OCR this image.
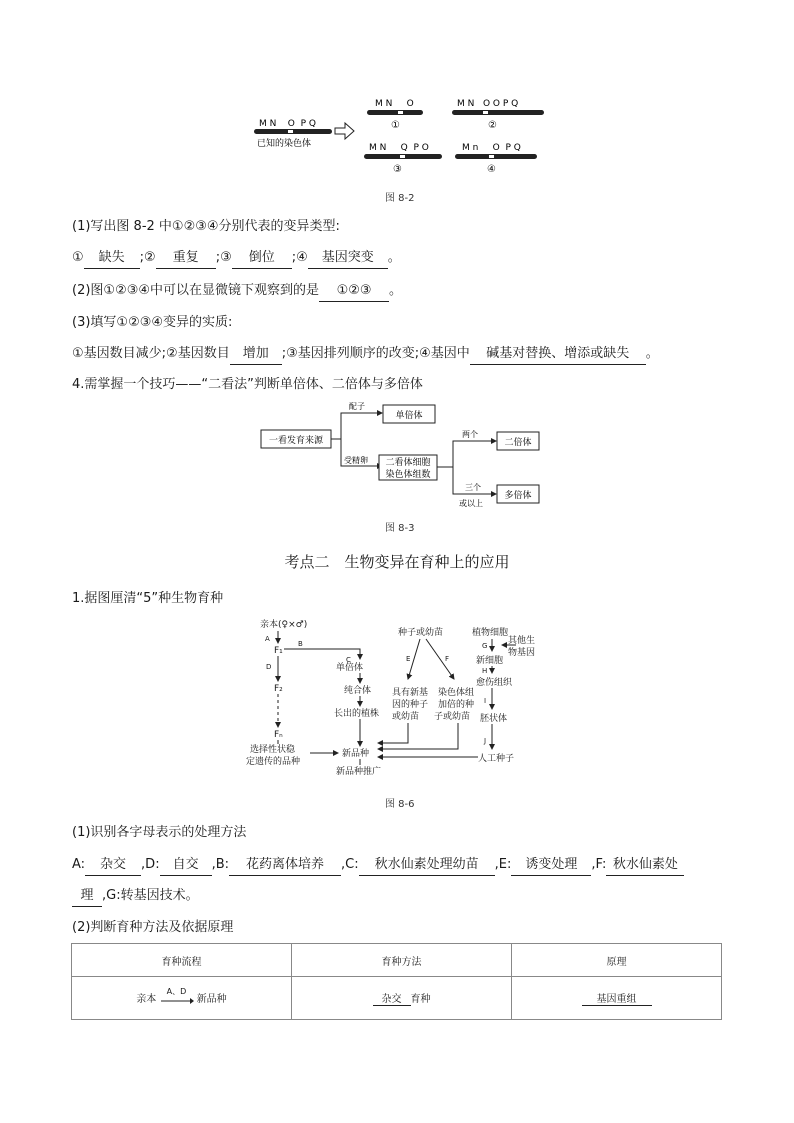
M N    O  P Q
已知的染色体
M N     O
①
M N   O O P Q
②
M N     Q  P O
③
M n     O  P Q
④
图 8-2
(1)写出图 8-2 中①②③④分别代表的变异类型:
① 缺失 ;② 重复 ;③ 倒位 ;④ 基因突变 。
(2)图①②③④中可以在显微镜下观察到的是 ①②③ 。
(3)填写①②③④变异的实质:
①基因数目减少;②基因数目 增加 ;③基因排列顺序的改变;④基因中 碱基对替换、增添或缺失 。
4.需掌握一个技巧——“二看法”判断单倍体、二倍体与多倍体
一看发育来源
配子
受精卵
单倍体
二看体细胞
染色体组数
两个
三个
或以上
二倍体
多倍体
图 8-3
考点二　生物变异在育种上的应用
1.据图厘清“5”种生物育种
亲本(♀×♂)
A
F₁
B
D
F₂
Fₙ
选择性状稳
定遗传的品种
单倍体
C
纯合体
长出的植株
新品种
新品种推广
种子或幼苗
E	F
具有新基
因的种子
或幼苗
染色体组
加倍的种
子或幼苗
植物细胞
G 其他生
物基因
新细胞
H
愈伤组织
I
胚状体
J
人工种子
图 8-6
(1)识别各字母表示的处理方法
A: 杂交 ,D: 自交 ,B: 花药离体培养 ,C: 秋水仙素处理幼苗 ,E: 诱变处理 ,F: 秋水仙素处
理 ,G:转基因技术。
(2)判断育种方法及依据原理
育种流程	育种方法	原理
亲本
A、D
新品种	杂交 育种	基因重组
